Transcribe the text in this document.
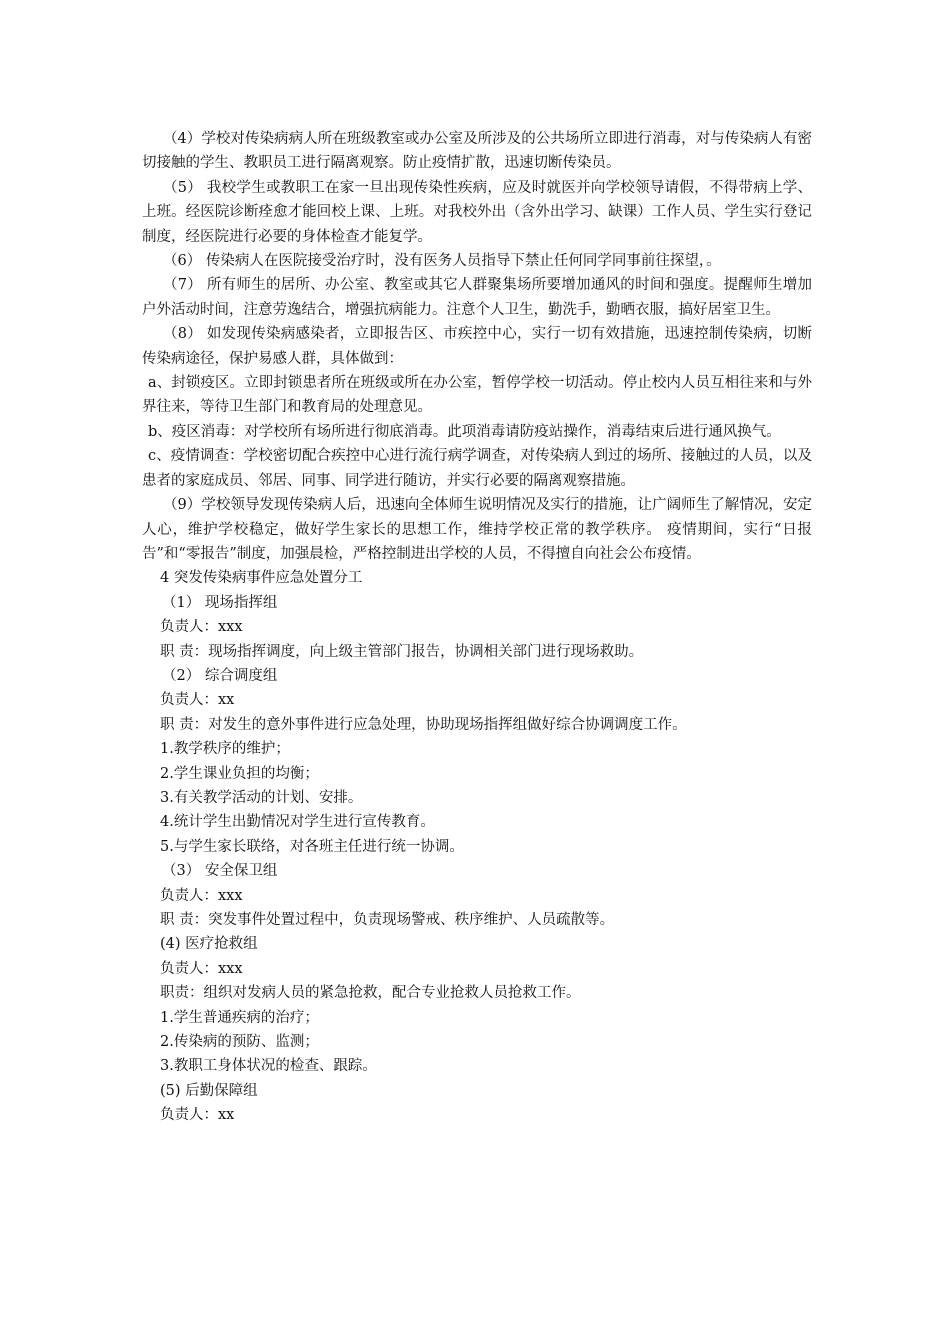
（4）学校对传染病病人所在班级教室或办公室及所涉及的公共场所立即进行消毒，对与传染病人有密切接触的学生、教职员工进行隔离观察。防止疫情扩散，迅速切断传染员。

（5） 我校学生或教职工在家一旦出现传染性疾病，应及时就医并向学校领导请假，不得带病上学、上班。经医院诊断痊愈才能回校上课、上班。对我校外出（含外出学习、缺课）工作人员、学生实行登记制度，经医院进行必要的身体检查才能复学。

（6） 传染病人在医院接受治疗时，没有医务人员指导下禁止任何同学同事前往探望，。

（7） 所有师生的居所、办公室、教室或其它人群聚集场所要增加通风的时间和强度。提醒师生增加户外活动时间，注意劳逸结合，增强抗病能力。注意个人卫生，勤洗手，勤晒衣服，搞好居室卫生。

（8） 如发现传染病感染者，立即报告区、市疾控中心，实行一切有效措施，迅速控制传染病，切断传染病途径，保护易感人群，具体做到：

a、封锁疫区。立即封锁患者所在班级或所在办公室，暂停学校一切活动。停止校内人员互相往来和与外界往来，等待卫生部门和教育局的处理意见。

b、疫区消毒：对学校所有场所进行彻底消毒。此项消毒请防疫站操作，消毒结束后进行通风换气。

c、疫情调查：学校密切配合疾控中心进行流行病学调查，对传染病人到过的场所、接触过的人员，以及患者的家庭成员、邻居、同事、同学进行随访，并实行必要的隔离观察措施。

（9）学校领导发现传染病人后，迅速向全体师生说明情况及实行的措施，让广阔师生了解情况，安定人心，维护学校稳定，做好学生家长的思想工作，维持学校正常的教学秩序。 疫情期间，实行“日报告”和“零报告”制度，加强晨检，严格控制进出学校的人员，不得擅自向社会公布疫情。

4 突发传染病事件应急处置分工

（1） 现场指挥组

负责人：xxx

职 责：现场指挥调度，向上级主管部门报告，协调相关部门进行现场救助。

（2） 综合调度组

负责人：xx

职 责：对发生的意外事件进行应急处理，协助现场指挥组做好综合协调调度工作。

1.教学秩序的维护；

2.学生课业负担的均衡；

3.有关教学活动的计划、安排。

4.统计学生出勤情况对学生进行宣传教育。

5.与学生家长联络，对各班主任进行统一协调。

（3） 安全保卫组

负责人：xxx

职 责：突发事件处置过程中，负责现场警戒、秩序维护、人员疏散等。

(4) 医疗抢救组

负责人：xxx

职责：组织对发病人员的紧急抢救，配合专业抢救人员抢救工作。

1.学生普通疾病的治疗；

2.传染病的预防、监测；

3.教职工身体状况的检查、跟踪。

(5) 后勤保障组

负责人：xx
